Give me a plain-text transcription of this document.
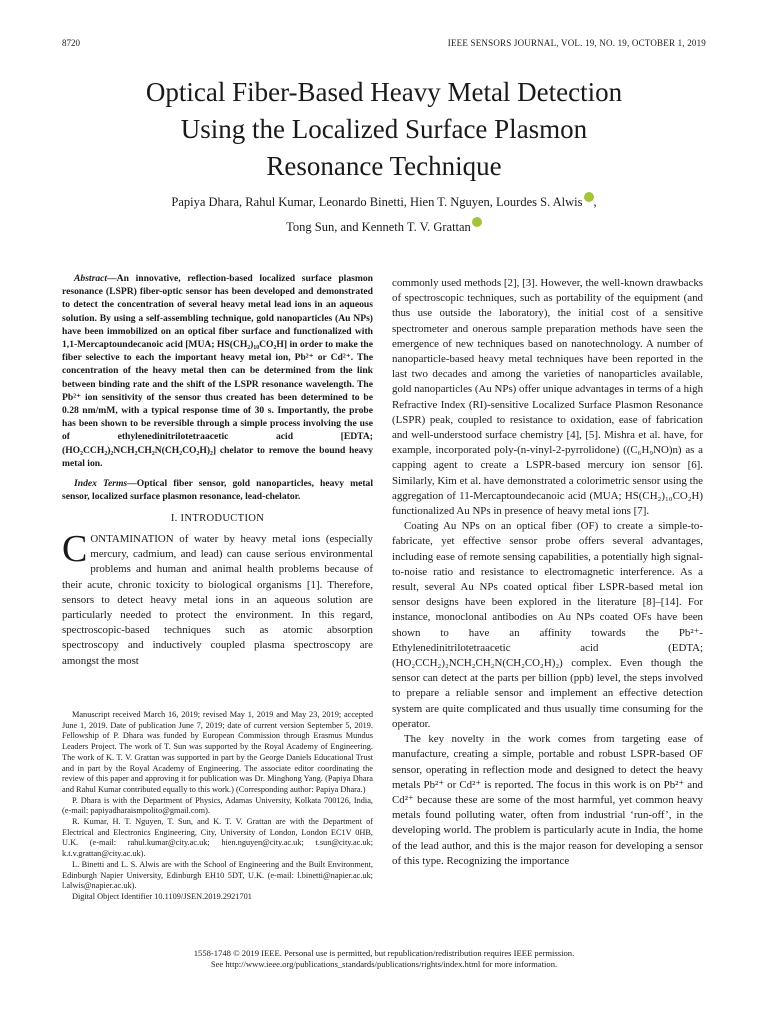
8720	IEEE SENSORS JOURNAL, VOL. 19, NO. 19, OCTOBER 1, 2019
Optical Fiber-Based Heavy Metal Detection
Using the Localized Surface Plasmon
Resonance Technique
Papiya Dhara, Rahul Kumar, Leonardo Binetti, Hien T. Nguyen, Lourdes S. Alwis ,
Tong Sun, and Kenneth T. V. Grattan

Abstract—An innovative, reflection-based localized surface plasmon resonance (LSPR) fiber-optic sensor has been developed and demonstrated to detect the concentration of several heavy metal lead ions in an aqueous solution. By using a self-assembling technique, gold nanoparticles (Au NPs) have been immobilized on an optical fiber surface and functionalized with 1,1-Mercaptoundecanoic acid [MUA; HS(CH₂)₁₀CO₂H] in order to make the fiber selective to each the important heavy metal ion, Pb²⁺ or Cd²⁺. The concentration of the heavy metal then can be determined from the link between binding rate and the shift of the LSPR resonance wavelength. The Pb²⁺ ion sensitivity of the sensor thus created has been determined to be 0.28 nm/mM, with a typical response time of 30 s. Importantly, the probe has been shown to be reversible through a simple process involving the use of ethylenedinitrilotetraacetic acid [EDTA;(HO₂CCH₂)₂NCH₂CH₂N(CH₂CO₂H)₂] chelator to remove the bound heavy metal ion.

Index Terms—Optical fiber sensor, gold nanoparticles, heavy metal sensor, localized surface plasmon resonance, lead-chelator.

I. INTRODUCTION

CONTAMINATION of water by heavy metal ions (especially mercury, cadmium, and lead) can cause serious environmental problems and human and animal health problems because of their acute, chronic toxicity to biological organisms [1]. Therefore, sensors to detect heavy metal ions in an aqueous solution are particularly needed to protect the environment. In this regard, spectroscopic-based techniques such as atomic absorption spectroscopy and inductively coupled plasma spectroscopy are amongst the most

Manuscript received March 16, 2019; revised May 1, 2019 and May 23, 2019; accepted June 1, 2019. Date of publication June 7, 2019; date of current version September 5, 2019. Fellowship of P. Dhara was funded by European Commission through Erasmus Mundus Leaders Project. The work of T. Sun was supported by the Royal Academy of Engineering. The work of K. T. V. Grattan was supported in part by the George Daniels Educational Trust and in part by the Royal Academy of Engineering. The associate editor coordinating the review of this paper and approving it for publication was Dr. Minghong Yang. (Papiya Dhara and Rahul Kumar contributed equally to this work.) (Corresponding author: Papiya Dhara.)

P. Dhara is with the Department of Physics, Adamas University, Kolkata 700126, India, (e-mail: papiyadharaismpolito@gmail.com).

R. Kumar, H. T. Nguyen, T. Sun, and K. T. V. Grattan are with the Department of Electrical and Electronics Engineering, City, University of London, London EC1V 0HB, U.K. (e-mail: rahul.kumar@city.ac.uk; hien.nguyen@city.ac.uk; t.sun@city.ac.uk; k.t.v.grattan@city.ac.uk).

L. Binetti and L. S. Alwis are with the School of Engineering and the Built Environment, Edinburgh Napier University, Edinburgh EH10 5DT, U.K. (e-mail: l.binetti@napier.ac.uk; l.alwis@napier.ac.uk).

Digital Object Identifier 10.1109/JSEN.2019.2921701

commonly used methods [2], [3]. However, the well-known drawbacks of spectroscopic techniques, such as portability of the equipment (and thus use outside the laboratory), the initial cost of a sensitive spectrometer and onerous sample preparation methods have seen the emergence of new techniques based on nanotechnology. A number of nanoparticle-based heavy metal techniques have been reported in the last two decades and among the varieties of nanoparticles available, gold nanoparticles (Au NPs) offer unique advantages in terms of a high Refractive Index (RI)-sensitive Localized Surface Plasmon Resonance (LSPR) peak, coupled to resistance to oxidation, ease of fabrication and well-understood surface chemistry [4], [5]. Mishra et al. have, for example, incorporated poly-(n-vinyl-2-pyrrolidone) ((C₆H₉NO)n) as a capping agent to create a LSPR-based mercury ion sensor [6]. Similarly, Kim et al. have demonstrated a colorimetric sensor using the aggregation of 11-Mercaptoundecanoic acid (MUA; HS(CH₂)₁₀CO₂H) functionalized Au NPs in presence of heavy metal ions [7].

Coating Au NPs on an optical fiber (OF) to create a simple-to-fabricate, yet effective sensor probe offers several advantages, including ease of remote sensing capabilities, a potentially high signal-to-noise ratio and resistance to electromagnetic interference. As a result, several Au NPs coated optical fiber LSPR-based metal ion sensor designs have been explored in the literature [8]–[14]. For instance, monoclonal antibodies on Au NPs coated OFs have been shown to have an affinity towards the Pb²⁺- Ethylenedinitrilotetraacetic acid (EDTA;(HO₂CCH₂)₂NCH₂CH₂N(CH₂CO₂H)₂) complex. Even though the sensor can detect at the parts per billion (ppb) level, the steps involved to prepare a reliable sensor and implement an effective detection system are quite complicated and thus usually time consuming for the operator.

The key novelty in the work comes from targeting ease of manufacture, creating a simple, portable and robust LSPR-based OF sensor, operating in reflection mode and designed to detect the heavy metals Pb²⁺ or Cd²⁺ is reported. The focus in this work is on Pb²⁺ and Cd²⁺ because these are some of the most harmful, yet common heavy metals found polluting water, often from industrial ‘run-off’, in the developing world. The problem is particularly acute in India, the home of the lead author, and this is the major reason for developing a sensor of this type. Recognizing the importance

1558-1748 © 2019 IEEE. Personal use is permitted, but republication/redistribution requires IEEE permission.
See http://www.ieee.org/publications_standards/publications/rights/index.html for more information.
